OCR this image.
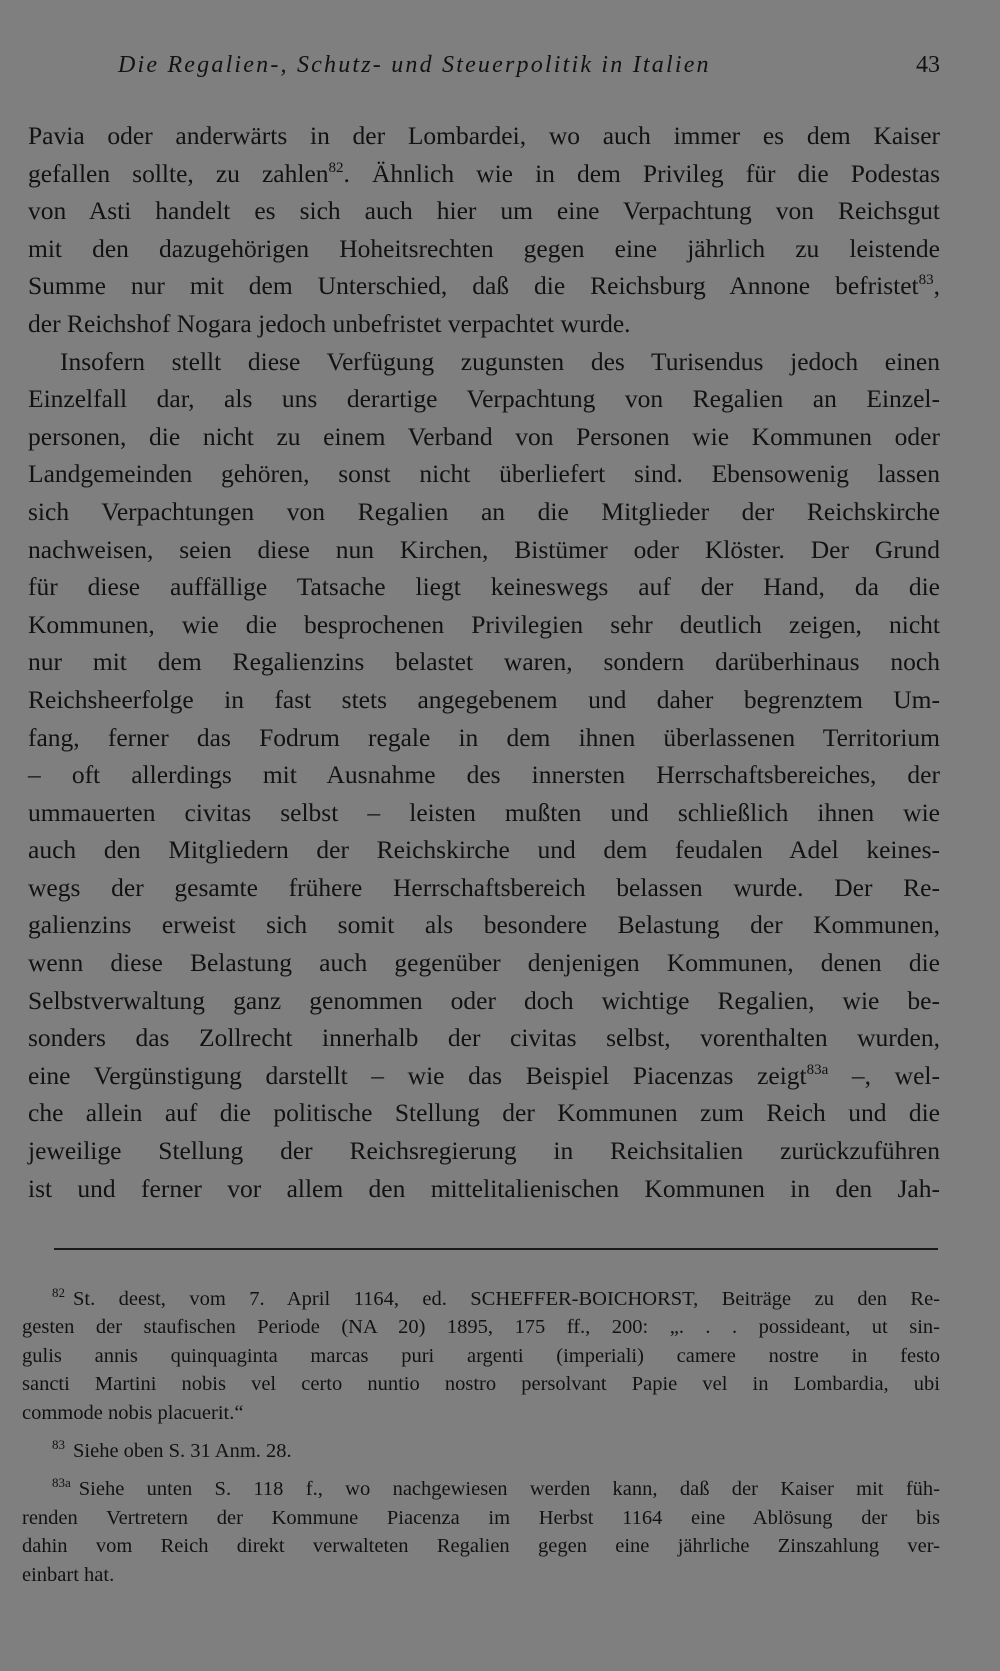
Die Regalien-, Schutz- und Steuerpolitik in Italien	43
Pavia oder anderwärts in der Lombardei, wo auch immer es dem Kaiser
gefallen sollte, zu zahlen$^{82}$. Ähnlich wie in dem Privileg für die Podestas
von Asti handelt es sich auch hier um eine Verpachtung von Reichsgut
mit den dazugehörigen Hoheitsrechten gegen eine jährlich zu leistende
Summe nur mit dem Unterschied, daß die Reichsburg Annone befristet$^{83}$,
der Reichshof Nogara jedoch unbefristet verpachtet wurde.
Insofern stellt diese Verfügung zugunsten des Turisendus jedoch einen
Einzelfall dar, als uns derartige Verpachtung von Regalien an Einzel-
personen, die nicht zu einem Verband von Personen wie Kommunen oder
Landgemeinden gehören, sonst nicht überliefert sind. Ebensowenig lassen
sich Verpachtungen von Regalien an die Mitglieder der Reichskirche
nachweisen, seien diese nun Kirchen, Bistümer oder Klöster. Der Grund
für diese auffällige Tatsache liegt keineswegs auf der Hand, da die
Kommunen, wie die besprochenen Privilegien sehr deutlich zeigen, nicht
nur mit dem Regalienzins belastet waren, sondern darüberhinaus noch
Reichsheerfolge in fast stets angegebenem und daher begrenztem Um-
fang, ferner das Fodrum regale in dem ihnen überlassenen Territorium
– oft allerdings mit Ausnahme des innersten Herrschaftsbereiches, der
ummauerten civitas selbst – leisten mußten und schließlich ihnen wie
auch den Mitgliedern der Reichskirche und dem feudalen Adel keines-
wegs der gesamte frühere Herrschaftsbereich belassen wurde. Der Re-
galienzins erweist sich somit als besondere Belastung der Kommunen,
wenn diese Belastung auch gegenüber denjenigen Kommunen, denen die
Selbstverwaltung ganz genommen oder doch wichtige Regalien, wie be-
sonders das Zollrecht innerhalb der civitas selbst, vorenthalten wurden,
eine Vergünstigung darstellt – wie das Beispiel Piacenzas zeigt$^{83a}$ –, wel-
che allein auf die politische Stellung der Kommunen zum Reich und die
jeweilige Stellung der Reichsregierung in Reichsitalien zurückzuführen
ist und ferner vor allem den mittelitalienischen Kommunen in den Jah-
$^{82}$ St. deest, vom 7. April 1164, ed. SCHEFFER-BOICHORST, Beiträge zu den Re-
gesten der staufischen Periode (NA 20) 1895, 175 ff., 200: „. . . possideant, ut sin-
gulis annis quinquaginta marcas puri argenti (imperiali) camere nostre in festo
sancti Martini nobis vel certo nuntio nostro persolvant Papie vel in Lombardia, ubi
commode nobis placuerit.“
$^{83}$ Siehe oben S. 31 Anm. 28.
$^{83a}$ Siehe unten S. 118 f., wo nachgewiesen werden kann, daß der Kaiser mit füh-
renden Vertretern der Kommune Piacenza im Herbst 1164 eine Ablösung der bis
dahin vom Reich direkt verwalteten Regalien gegen eine jährliche Zinszahlung ver-
einbart hat.
